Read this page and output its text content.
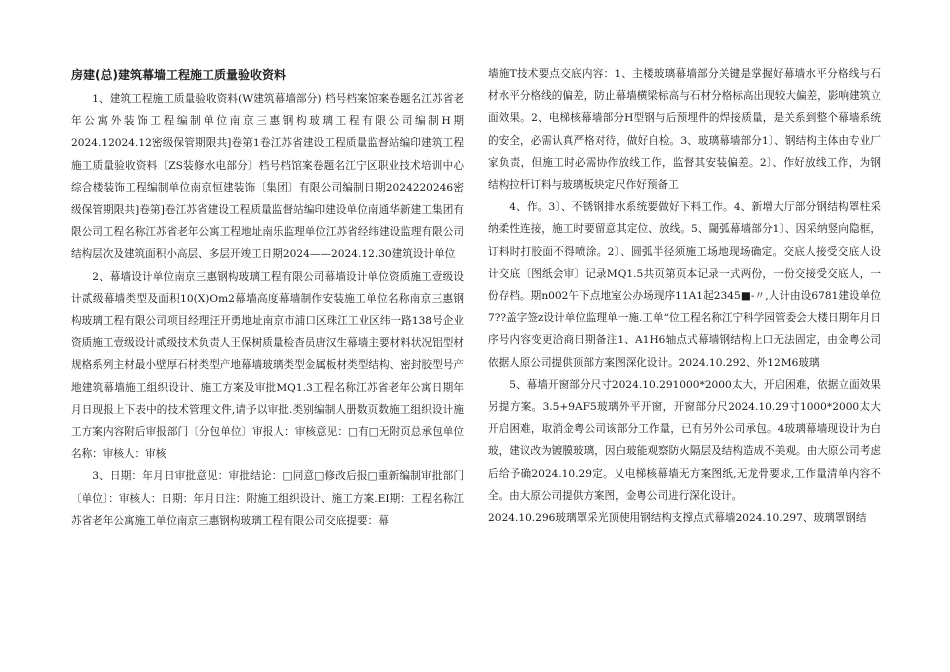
房建(总)建筑幕墙工程施工质量验收资料

1、建筑工程施工质量验收资料(W建筑幕墙部分) 档号档案馆案卷题名江苏省老年公寓外装饰工程编制单位南京三惠钢构玻璃工程有限公司编制H期2024.12024.12密级保管期限共]卷第1卷江苏省建设工程质量监督站编印建筑工程施工质量验收资料〔ZS装修水电部分〕档号档馆案卷题名江宁区职业技术培训中心综合楼装饰工程编制单位南京恒建装饰〔集团〕有限公司编制日期2024220246密级保管期限共]卷第]卷江苏省建设工程质量监督站编印建设单位南通华新建工集团有限公司工程名称江苏省老年公寓工程地址南乐监理单位江苏省经纬建设监理有限公司结构层次及建筑面积小高层、多层开竣工日期2024——2024.12.30建筑设计单位

2、幕墙设计单位南京三惠钢构玻璃工程有限公司幕墙设计单位资质施工壹级设计贰级幕墙类型及面积10(X)Om2幕墙高度幕墙制作安装施工单位名称南京三惠钢构玻璃工程有限公司项目经理汪开勇地址南京市浦口区珠江工业区纬一路138号企业资质施工壹级设计贰级技术负责人王保树质量检杳员唐汉生幕墙主要材料状况铝型材规格系列主材最小壁厚石材类型产地幕墙玻璃类型金属板材类型结构、密封胶型号产地建筑幕墙施工组织设计、施工方案及审批MQ1.3工程名称江苏省老年公寓日期年月日现报上下表中的技术管理文件,请予以审批.类别编制人册数页数施工组织设计施工方案内容附后审报部门〔分包单位〕审报人：审核意见：□有□无附页总承包单位名称：审核人：审核

3、日期：年月日审批意见：审批结论：□同意□修改后报□重新编制审批部门〔单位〕：审核人：日期：年月日注：附施工组织设计、施工方案.EI期：工程名称江苏省老年公寓施工单位南京三惠钢构玻璃工程有限公司交底提要：幕

墙施T技术要点交底内容：1、主楼玻璃幕墙部分关键是掌握好幕墙水平分格线与石材水平分格线的偏差，防止幕墙横梁标高与石材分格标高出现较大偏差，影响建筑立面效果。2、电梯核幕墙部分H型钢与后预埋件的焊接质量，是关系到整个幕墙系统的安全，必需认真严格对待，做好自检。3、玻璃幕墙部分1〕、钢结构主体由专业厂家负责，但施工时必需协作放线工作，监督其安装偏差。2〕、作好放线工作，为钢结构拉杆订料与玻璃板块定尺作好预备工

4、作。3〕、不锈钢排水系统要做好下料工作。4、新增大厅部分钢结构罩柱采纳柔性连接，施工时要留意其定位、放线。5、閾弧幕墙部分1〕、因采纳竖向隐框，订料时打胶面不得喷涂。2〕、圆弧半径须施工场地现场确定。交底人接受交底人设计交底〔图纸会审〕记录MQ1.5共页第页本记录一式两份，一份交接受交底人，一份存档。期n002午下点地室公办场现序11A1起2345■-〃,人计由设6781建设单位7??盖字签z设计单位监理单⼀施.工单“位工程名称江宁科学园管委会大楼日期年月日序号内容变更洽商日期备注1、A1H6轴点式幕墙钢结构上口无法固定，由金粤公司依据人原公司提供顶部方案图深化设计。2024.10.292、外12M6玻璃

5、幕墙开窗部分尺寸2024.10.291000*2000太大，开启困难，依据立面效果另提方案。3.5+9AF5玻璃外平开窗，开窗部分尺2024.10.29寸1000*2000太大开启困难，取消金粤公司该部分工作量，已有另外公司承包。4玻璃幕墙现设计为白玻，建议改为镀膜玻璃，因白玻能观察防火隔层及结构造成不美观。由大原公司考虑后给予确2024.10.29定。乂电梯核幕墙无方案图纸,无龙骨要求,工作量清单内容不全。由大原公司提供方案图，金粤公司进行深化设计。

2024.10.296玻璃罩采光顶使用钢结构支撑点式幕墙2024.10.297、玻璃罩钢结
